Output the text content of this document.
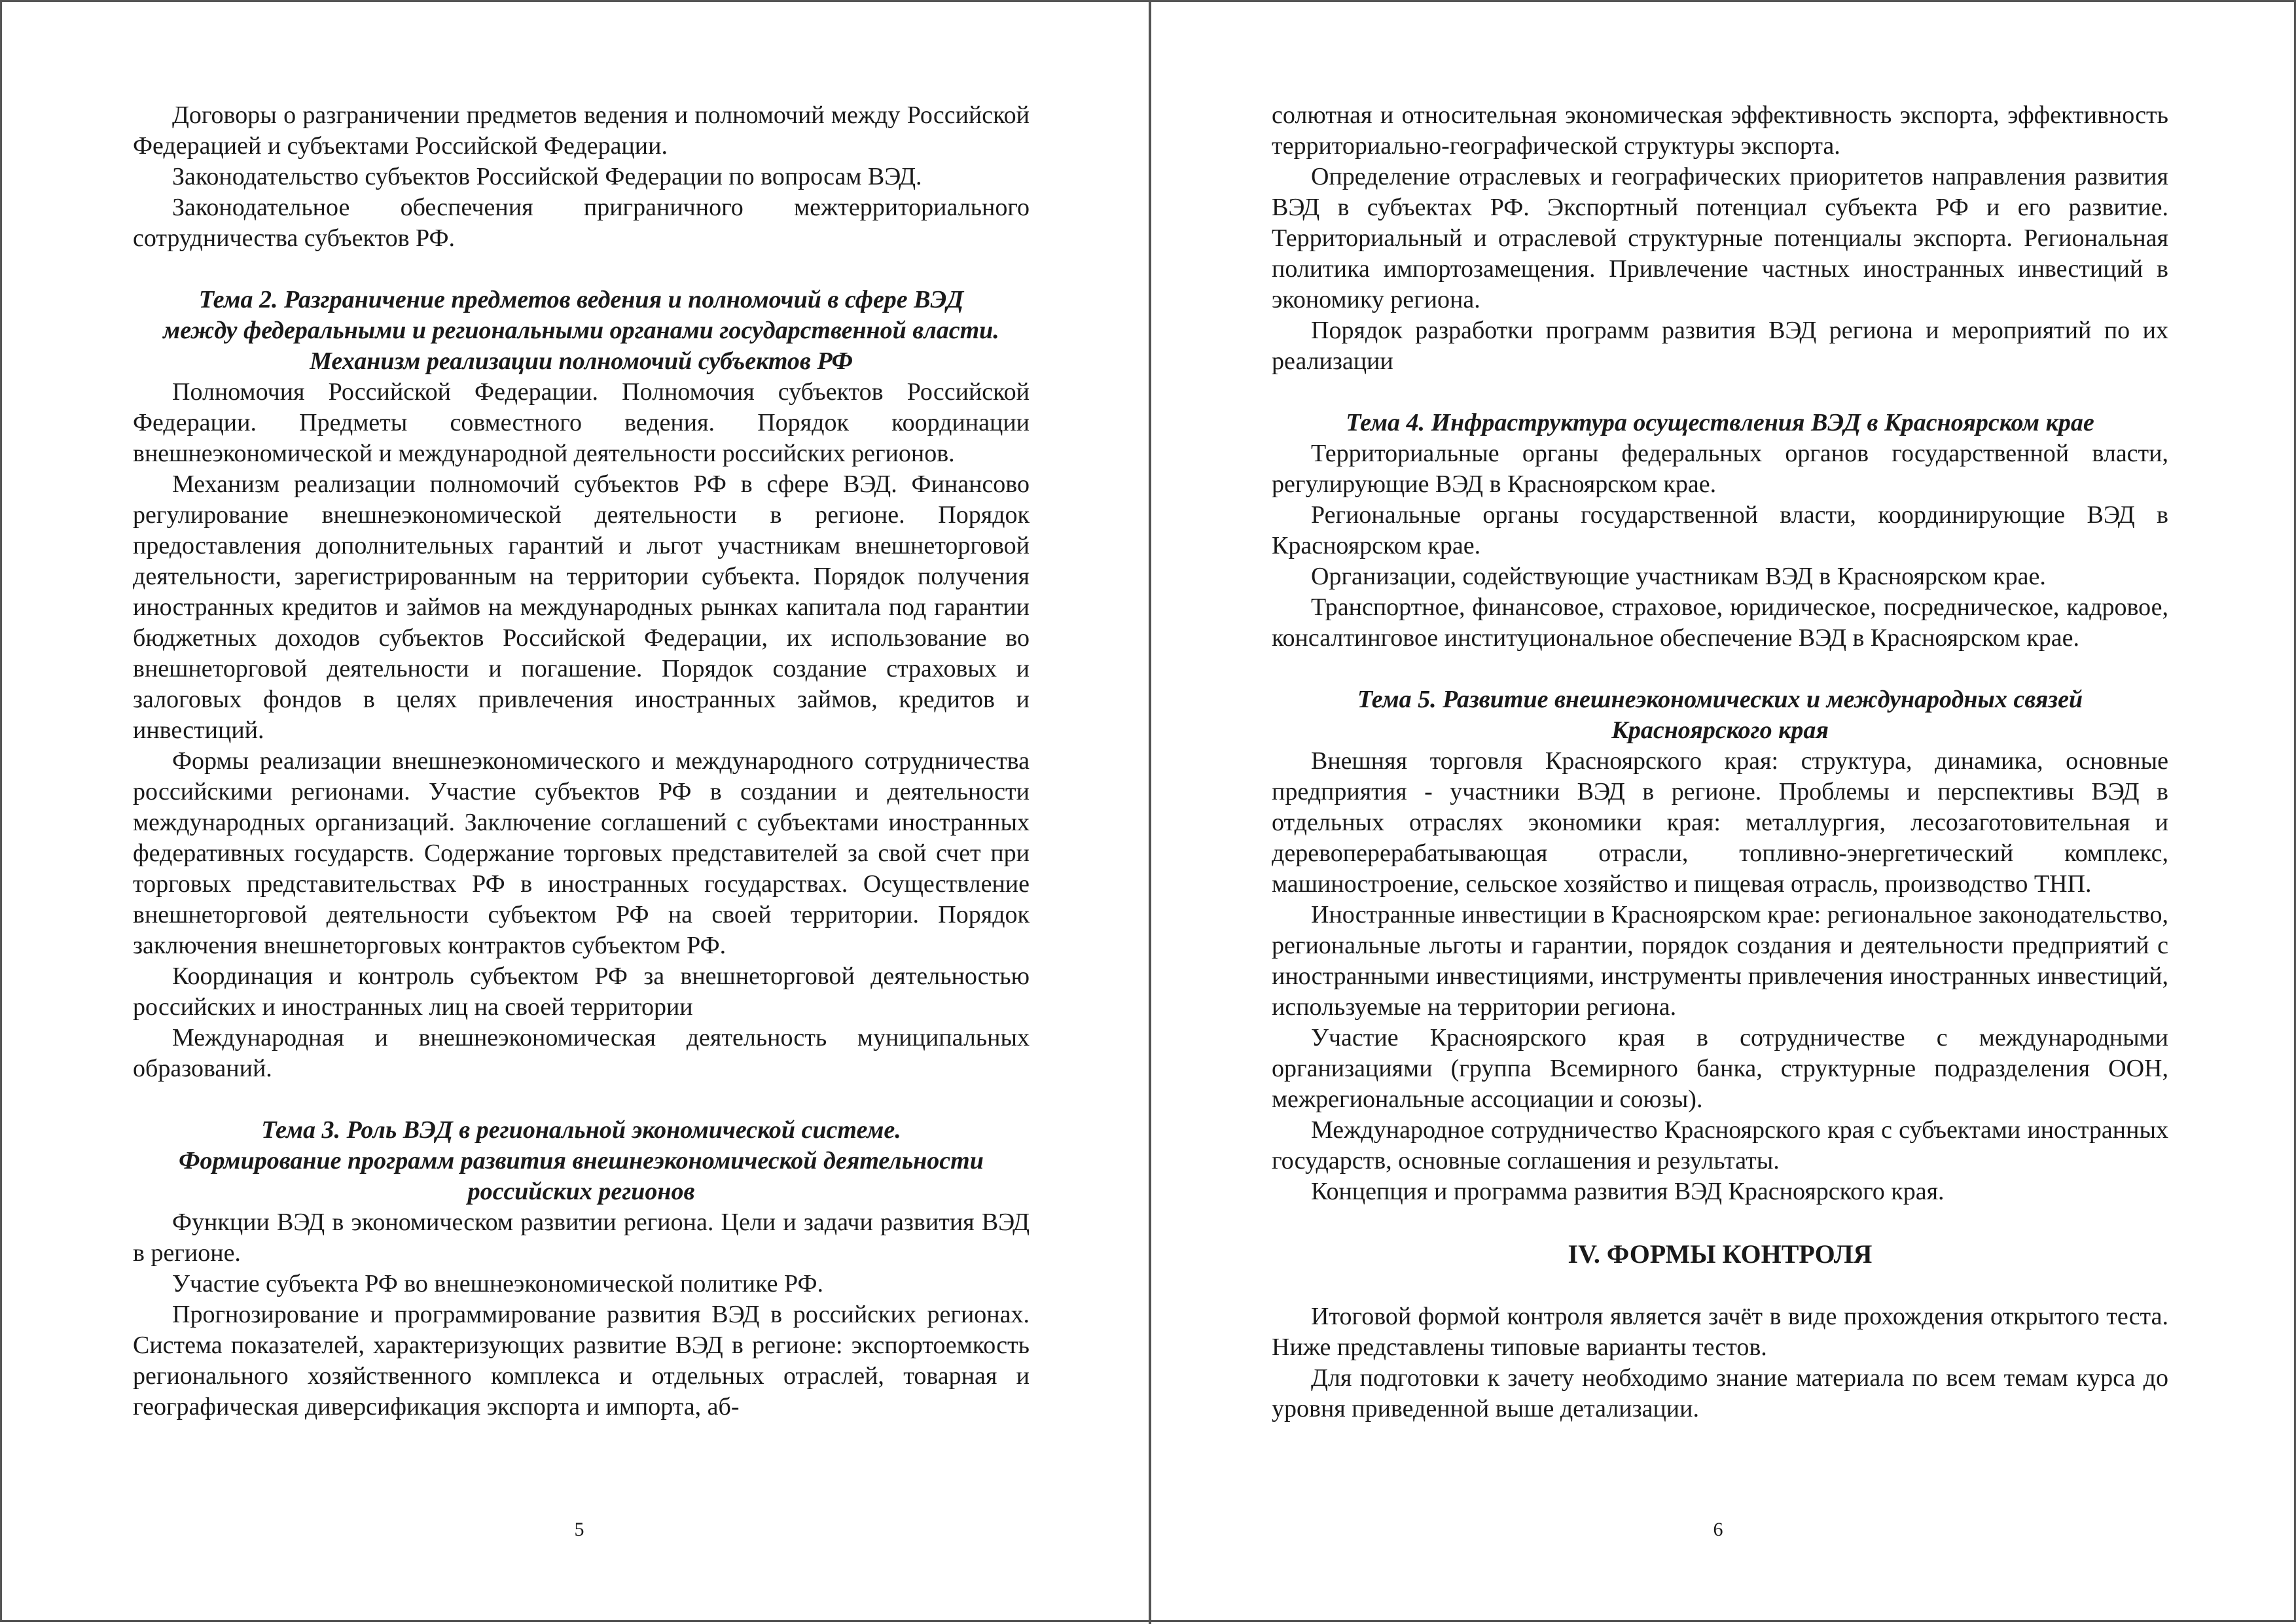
Договоры о разграничении предметов ведения и полномочий между Российской Федерацией и субъектами Российской Федерации.

Законодательство субъектов Российской Федерации по вопросам ВЭД.

Законодательное обеспечения приграничного межтерриториального сотрудничества субъектов РФ.

Тема 2. Разграничение предметов ведения и полномочий в сфере ВЭД
между федеральными и региональными органами государственной власти. Механизм реализации полномочий субъектов РФ

Полномочия Российской Федерации. Полномочия субъектов Российской Федерации. Предметы совместного ведения. Порядок координации внешнеэкономической и международной деятельности российских регионов.

Механизм реализации полномочий субъектов РФ в сфере ВЭД. Финансово регулирование внешнеэкономической деятельности в регионе. Порядок предоставления дополнительных гарантий и льгот участникам внешнеторговой деятельности, зарегистрированным на территории субъекта. Порядок получения иностранных кредитов и займов на международных рынках капитала под гарантии бюджетных доходов субъектов Российской Федерации, их использование во внешнеторговой деятельности и погашение. Порядок создание страховых и залоговых фондов в целях привлечения иностранных займов, кредитов и инвестиций.

Формы реализации внешнеэкономического и международного сотрудничества российскими регионами. Участие субъектов РФ в создании и деятельности международных организаций. Заключение соглашений с субъектами иностранных федеративных государств. Содержание торговых представителей за свой счет при торговых представительствах РФ в иностранных государствах. Осуществление внешнеторговой деятельности субъектом РФ на своей территории. Порядок заключения внешнеторговых контрактов субъектом РФ.

Координация и контроль субъектом РФ за внешнеторговой деятельностью российских и иностранных лиц на своей территории

Международная и внешнеэкономическая деятельность муниципальных образований.

Тема 3. Роль ВЭД в региональной экономической системе.
Формирование программ развития внешнеэкономической деятельности российских регионов

Функции ВЭД в экономическом развитии региона. Цели и задачи развития ВЭД в регионе.

Участие субъекта РФ во внешнеэкономической политике РФ.

Прогнозирование и программирование развития ВЭД в российских регионах. Система показателей, характеризующих развитие ВЭД в регионе: экспортоемкость регионального хозяйственного комплекса и отдельных отраслей, товарная и географическая диверсификация экспорта и импорта, аб-

5

солютная и относительная экономическая эффективность экспорта, эффективность территориально-географической структуры экспорта.

Определение отраслевых и географических приоритетов направления развития ВЭД в субъектах РФ. Экспортный потенциал субъекта РФ и его развитие. Территориальный и отраслевой структурные потенциалы экспорта. Региональная политика импортозамещения. Привлечение частных иностранных инвестиций в экономику региона.

Порядок разработки программ развития ВЭД региона и мероприятий по их реализации

Тема 4. Инфраструктура осуществления ВЭД в Красноярском крае

Территориальные органы федеральных органов государственной власти, регулирующие ВЭД в Красноярском крае.

Региональные органы государственной власти, координирующие ВЭД в Красноярском крае.

Организации, содействующие участникам ВЭД в Красноярском крае.

Транспортное, финансовое, страховое, юридическое, посредническое, кадровое, консалтинговое институциональное обеспечение ВЭД в Красноярском крае.

Тема 5. Развитие внешнеэкономических и международных связей
Красноярского края

Внешняя торговля Красноярского края: структура, динамика, основные предприятия - участники ВЭД в регионе. Проблемы и перспективы ВЭД в отдельных отраслях экономики края: металлургия, лесозаготовительная и деревоперерабатывающая отрасли, топливно-энергетический комплекс, машиностроение, сельское хозяйство и пищевая отрасль, производство ТНП.

Иностранные инвестиции в Красноярском крае: региональное законодательство, региональные льготы и гарантии, порядок создания и деятельности предприятий с иностранными инвестициями, инструменты привлечения иностранных инвестиций, используемые на территории региона.

Участие Красноярского края в сотрудничестве с международными организациями (группа Всемирного банка, структурные подразделения ООН, межрегиональные ассоциации и союзы).

Международное сотрудничество Красноярского края с субъектами иностранных государств, основные соглашения и результаты.

Концепция и программа развития ВЭД Красноярского края.

IV. ФОРМЫ КОНТРОЛЯ

Итоговой формой контроля является зачёт в виде прохождения открытого теста. Ниже представлены типовые варианты тестов.

Для подготовки к зачету необходимо знание материала по всем темам курса до уровня приведенной выше детализации.

6
